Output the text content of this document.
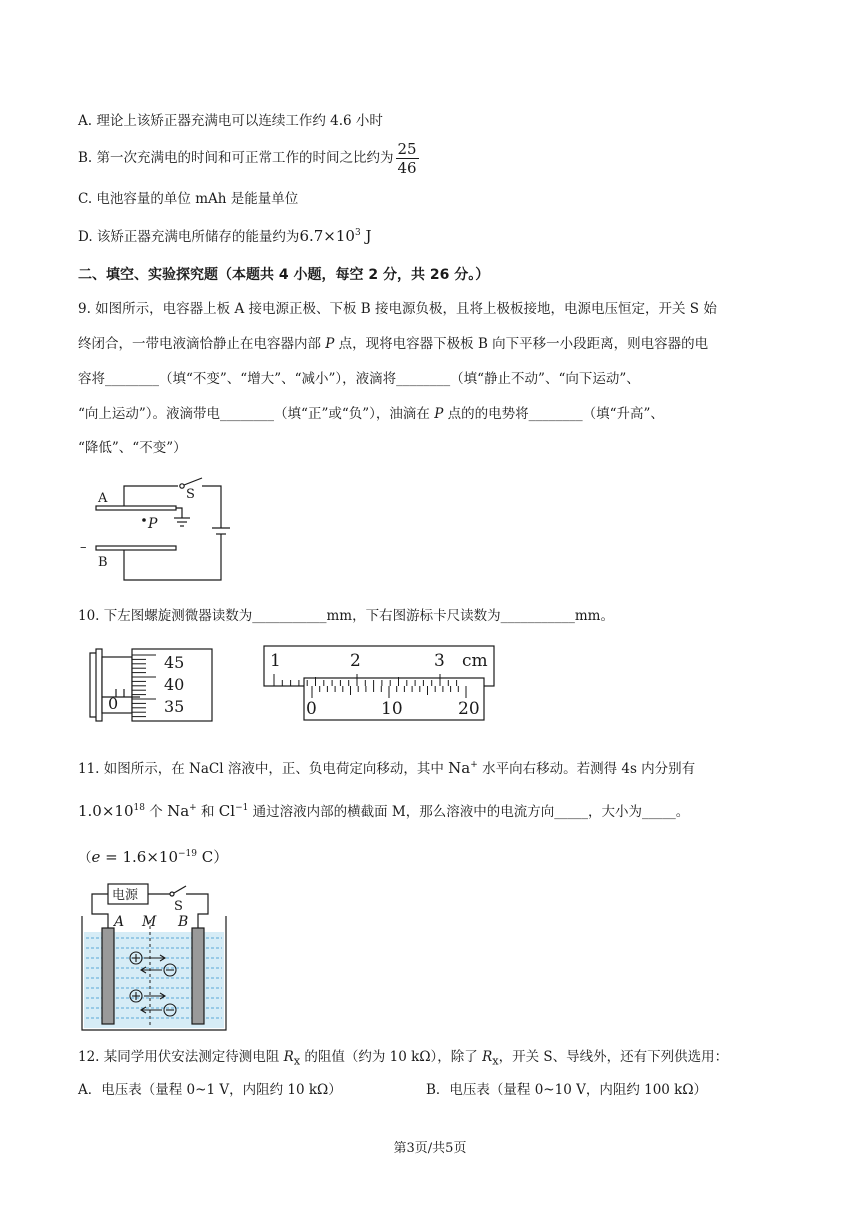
A. 理论上该矫正器充满电可以连续工作约 4.6 小时
B. 第一次充满电的时间和可正常工作的时间之比约为 $\frac{25}{46}$
C. 电池容量的单位 mAh 是能量单位
D. 该矫正器充满电所储存的能量约为$6.7\times 10^3$ J
二、填空、实验探究题（本题共 4 小题，每空 2 分，共 26 分。）
9. 如图所示，电容器上板 A 接电源正极、下板 B 接电源负极，且将上极板接地，电源电压恒定，开关 S 始
终闭合，一带电液滴恰静止在电容器内部 P 点，现将电容器下极板 B 向下平移一小段距离，则电容器的电
容将________（填“不变”、“增大”、“减小”），液滴将________（填“静止不动”、“向下运动”、
“向上运动”）。液滴带电________（填“正”或“负”），油滴在 P 点的的电势将________（填“升高”、
“降低”、“不变”）
A
B
S
P
–
10. 下左图螺旋测微器读数为___________mm，下右图游标卡尺读数为___________mm。
45
40
35
0
1	2	3 cm
0	10	20
11. 如图所示，在 NaCl 溶液中，正、负电荷定向移动，其中 Na+ 水平向右移动。若测得 4s 内分别有
$1.0\times 10^{18}$ 个 Na+ 和 $Cl^{-1}$ 通过溶液内部的横截面 M，那么溶液中的电流方向_____，大小为_____。
（$e = 1.6\times 10^{-19}$ C）
电源
S
A M B
12. 某同学用伏安法测定待测电阻 $R_x$ 的阻值（约为 10 kΩ），除了 $R_x$，开关 S、导线外，还有下列供选用：
A．电压表（量程 0~1 V，内阻约 10 kΩ）	B．电压表（量程 0~10 V，内阻约 100 kΩ）
第3页/共5页
